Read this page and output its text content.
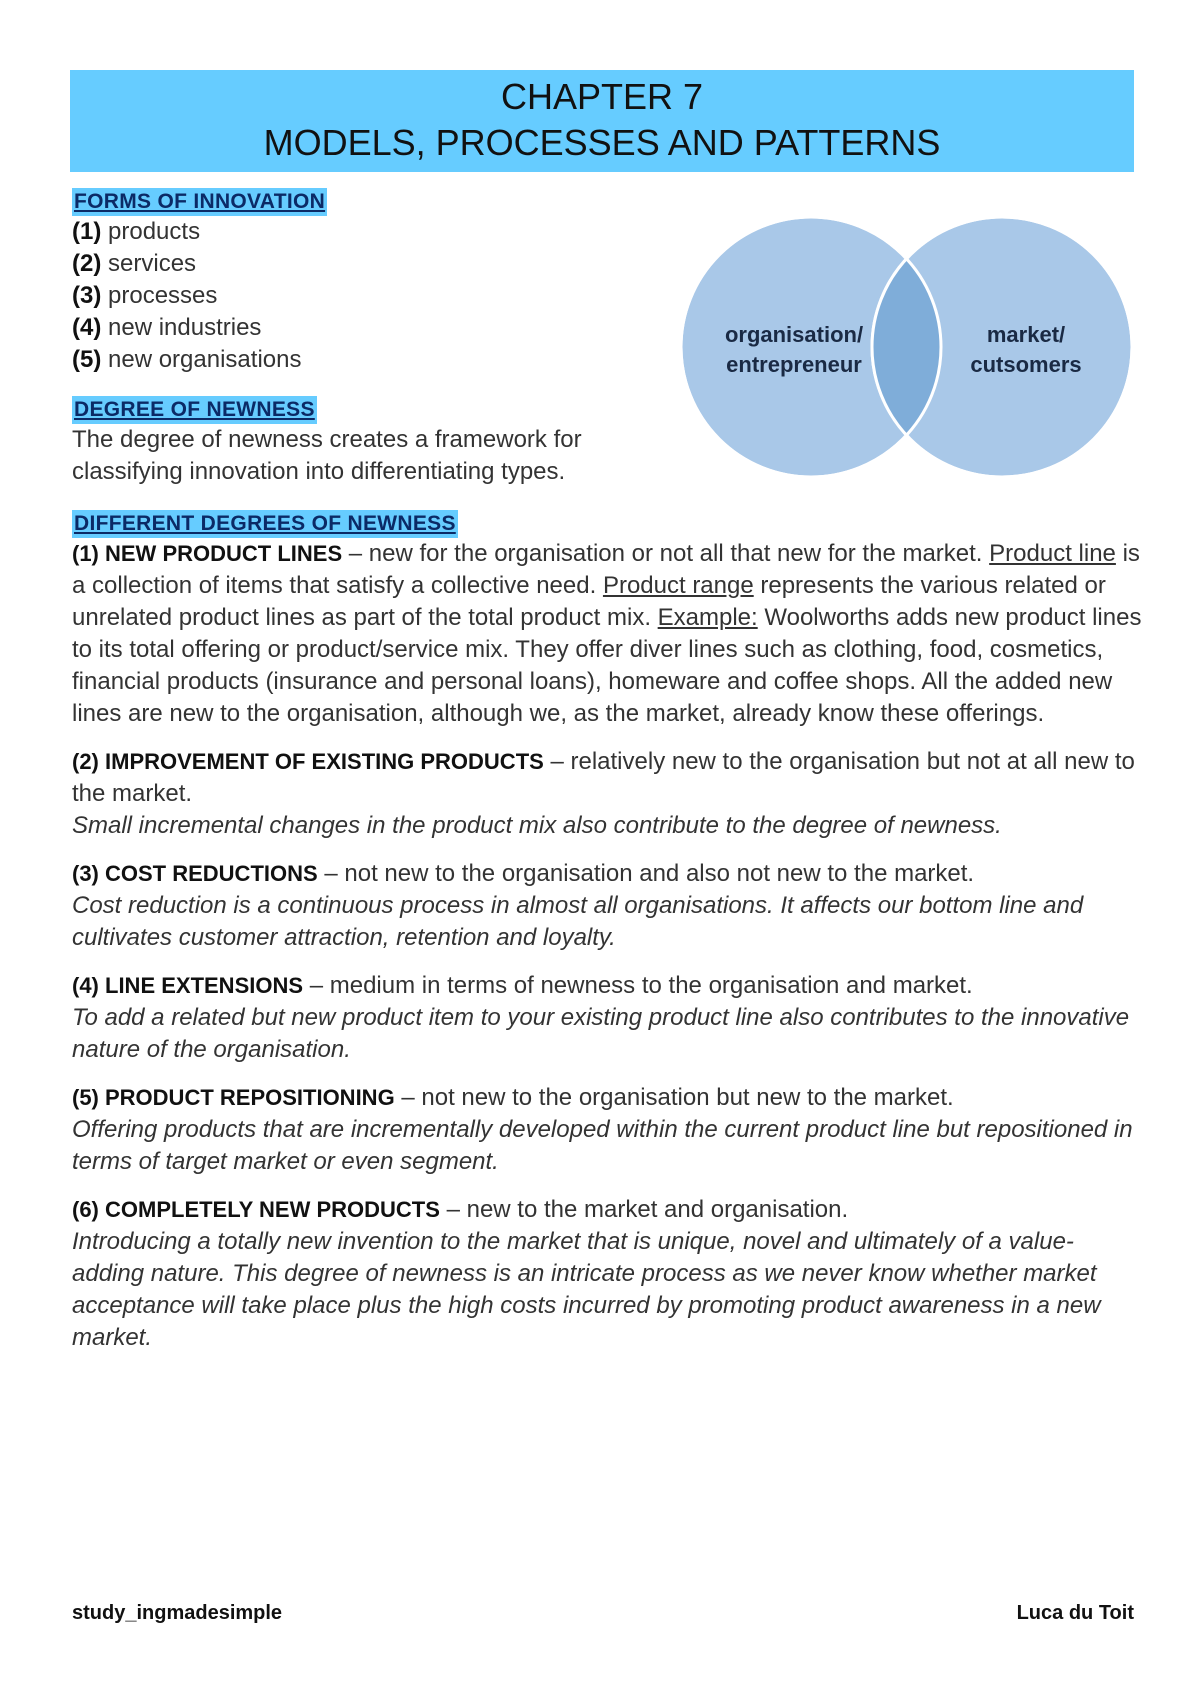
CHAPTER 7
MODELS, PROCESSES AND PATTERNS
FORMS OF INNOVATION
(1) products
(2) services
(3) processes
(4) new industries
(5) new organisations
DEGREE OF NEWNESS

The degree of newness creates a framework for

classifying innovation into differentiating types.

organisation/
entrepreneur
market/
cutsomers
DIFFERENT DEGREES OF NEWNESS

(1) NEW PRODUCT LINES – new for the organisation or not all that new for the market. Product line is a collection of items that satisfy a collective need. Product range represents the various related or unrelated product lines as part of the total product mix. Example: Woolworths adds new product lines to its total offering or product/service mix. They offer diver lines such as clothing, food, cosmetics, financial products (insurance and personal loans), homeware and coffee shops. All the added new lines are new to the organisation, although we, as the market, already know these offerings.

(2) IMPROVEMENT OF EXISTING PRODUCTS – relatively new to the organisation but not at all new to the market.
Small incremental changes in the product mix also contribute to the degree of newness.

(3) COST REDUCTIONS – not new to the organisation and also not new to the market.
Cost reduction is a continuous process in almost all organisations. It affects our bottom line and cultivates customer attraction, retention and loyalty.

(4) LINE EXTENSIONS – medium in terms of newness to the organisation and market.
To add a related but new product item to your existing product line also contributes to the innovative nature of the organisation.

(5) PRODUCT REPOSITIONING – not new to the organisation but new to the market.
Offering products that are incrementally developed within the current product line but repositioned in terms of target market or even segment.

(6) COMPLETELY NEW PRODUCTS – new to the market and organisation.
Introducing a totally new invention to the market that is unique, novel and ultimately of a value-adding nature. This degree of newness is an intricate process as we never know whether market acceptance will take place plus the high costs incurred by promoting product awareness in a new market.

study_ingmadesimple	Luca du Toit
